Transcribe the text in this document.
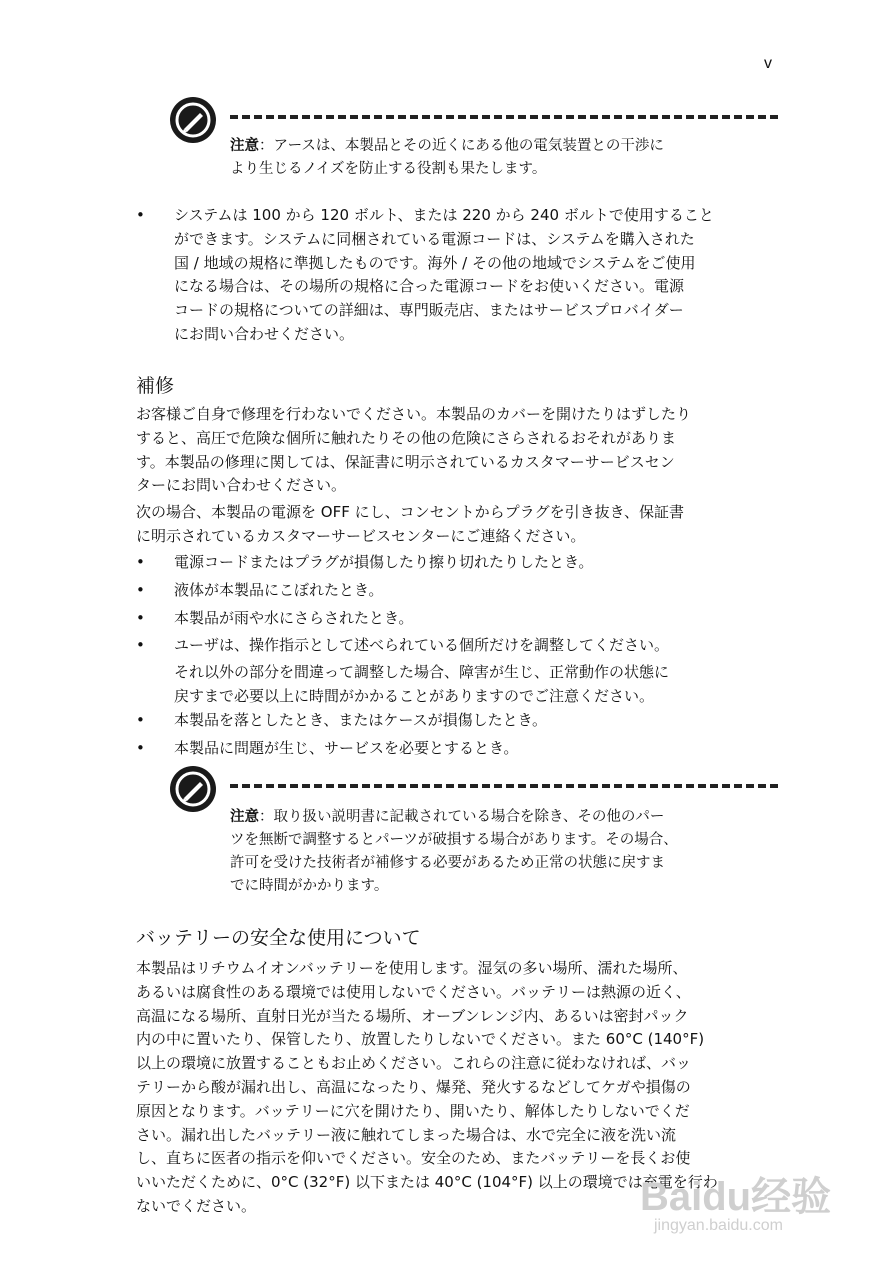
v

注意：アースは、本製品とその近くにある他の電気装置との干渉に
より生じるノイズを防止する役割も果たします。

• システムは 100 から 120 ボルト、または 220 から 240 ボルトで使用すること
ができます。システムに同梱されている電源コードは、システムを購入された
国 / 地域の規格に準拠したものです。海外 / その他の地域でシステムをご使用
になる場合は、その場所の規格に合った電源コードをお使いください。電源
コードの規格についての詳細は、専門販売店、またはサービスプロバイダー
にお問い合わせください。
補修

お客様ご自身で修理を行わないでください。本製品のカバーを開けたりはずしたり
すると、高圧で危険な個所に触れたりその他の危険にさらされるおそれがありま
す。本製品の修理に関しては、保証書に明示されているカスタマーサービスセン
ターにお問い合わせください。

次の場合、本製品の電源を OFF にし、コンセントからプラグを引き抜き、保証書
に明示されているカスタマーサービスセンターにご連絡ください。

• 電源コードまたはプラグが損傷したり擦り切れたりしたとき。
• 液体が本製品にこぼれたとき。
• 本製品が雨や水にさらされたとき。
• ユーザは、操作指示として述べられている個所だけを調整してください。
それ以外の部分を間違って調整した場合、障害が生じ、正常動作の状態に
戻すまで必要以上に時間がかかることがありますのでご注意ください。
• 本製品を落としたとき、またはケースが損傷したとき。
• 本製品に問題が生じ、サービスを必要とするとき。

注意：取り扱い説明書に記載されている場合を除き、その他のパー
ツを無断で調整するとパーツが破損する場合があります。その場合、
許可を受けた技術者が補修する必要があるため正常の状態に戻すま
でに時間がかかります。

バッテリーの安全な使用について

本製品はリチウムイオンバッテリーを使用します。湿気の多い場所、濡れた場所、
あるいは腐食性のある環境では使用しないでください。バッテリーは熱源の近く、
高温になる場所、直射日光が当たる場所、オーブンレンジ内、あるいは密封パック
内の中に置いたり、保管したり、放置したりしないでください。また 60°C (140°F)
以上の環境に放置することもお止めください。これらの注意に従わなければ、バッ
テリーから酸が漏れ出し、高温になったり、爆発、発火するなどしてケガや損傷の
原因となります。バッテリーに穴を開けたり、開いたり、解体したりしないでくだ
さい。漏れ出したバッテリー液に触れてしまった場合は、水で完全に液を洗い流
し、直ちに医者の指示を仰いでください。安全のため、またバッテリーを長くお使
いいただくために、0°C (32°F) 以下または 40°C (104°F) 以上の環境では充電を行わ
ないでください。	Baidu经验
jingyan.baidu.com
